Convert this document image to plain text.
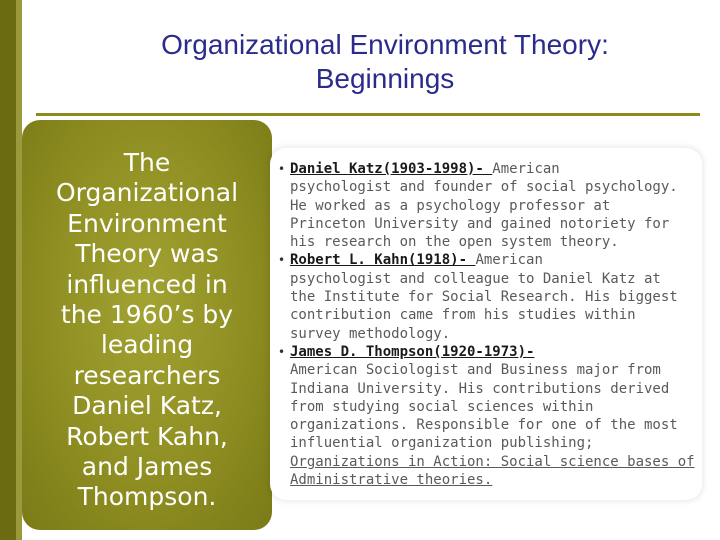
Organizational Environment Theory:
Beginnings
The
Organizational
Environment
Theory was
influenced in
the 1960’s by
leading
researchers
Daniel Katz,
Robert Kahn,
and James
Thompson.
• Daniel Katz(1903-1998)- American
psychologist and founder of social psychology.
He worked as a psychology professor at
Princeton University and gained notoriety for
his research on the open system theory.
• Robert L. Kahn(1918)- American
psychologist and colleague to Daniel Katz at
the Institute for Social Research. His biggest
contribution came from his studies within
survey methodology.
• James D. Thompson(1920-1973)-
American Sociologist and Business major from
Indiana University. His contributions derived
from studying social sciences within
organizations. Responsible for one of the most
influential organization publishing;
Organizations in Action: Social science bases of
Administrative theories.
